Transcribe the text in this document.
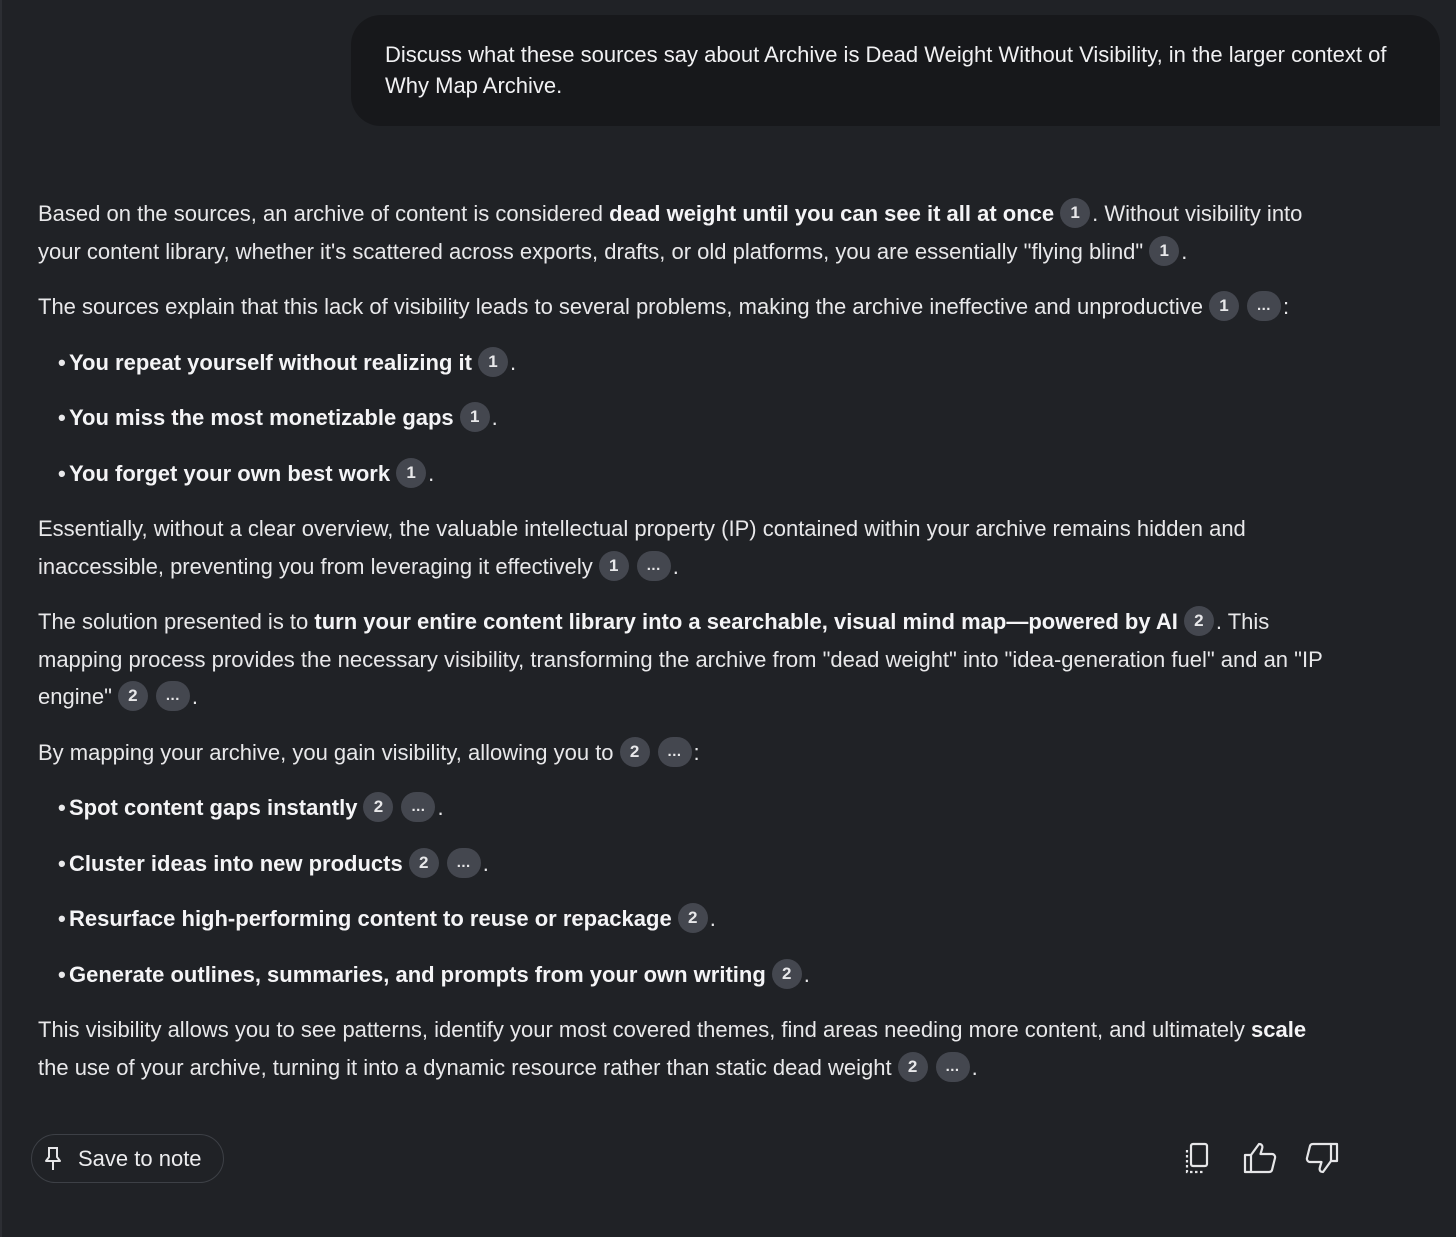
Discuss what these sources say about Archive is Dead Weight Without Visibility, in the larger context of Why Map Archive.

Based on the sources, an archive of content is considered dead weight until you can see it all at once 1 . Without visibility into your content library, whether it's scattered across exports, drafts, or old platforms, you are essentially "flying blind" 1 .

The sources explain that this lack of visibility leads to several problems, making the archive ineffective and unproductive 1 ... :

• You repeat yourself without realizing it 1 .
• You miss the most monetizable gaps 1 .
• You forget your own best work 1 .

Essentially, without a clear overview, the valuable intellectual property (IP) contained within your archive remains hidden and inaccessible, preventing you from leveraging it effectively 1 ... .

The solution presented is to turn your entire content library into a searchable, visual mind map—powered by AI 2 . This mapping process provides the necessary visibility, transforming the archive from "dead weight" into "idea-generation fuel" and an "IP engine" 2 ... .

By mapping your archive, you gain visibility, allowing you to 2 ... :

• Spot content gaps instantly 2 ... .
• Cluster ideas into new products 2 ... .
• Resurface high-performing content to reuse or repackage 2 .
• Generate outlines, summaries, and prompts from your own writing 2 .

This visibility allows you to see patterns, identify your most covered themes, find areas needing more content, and ultimately scale the use of your archive, turning it into a dynamic resource rather than static dead weight 2 ... .

Save to note
